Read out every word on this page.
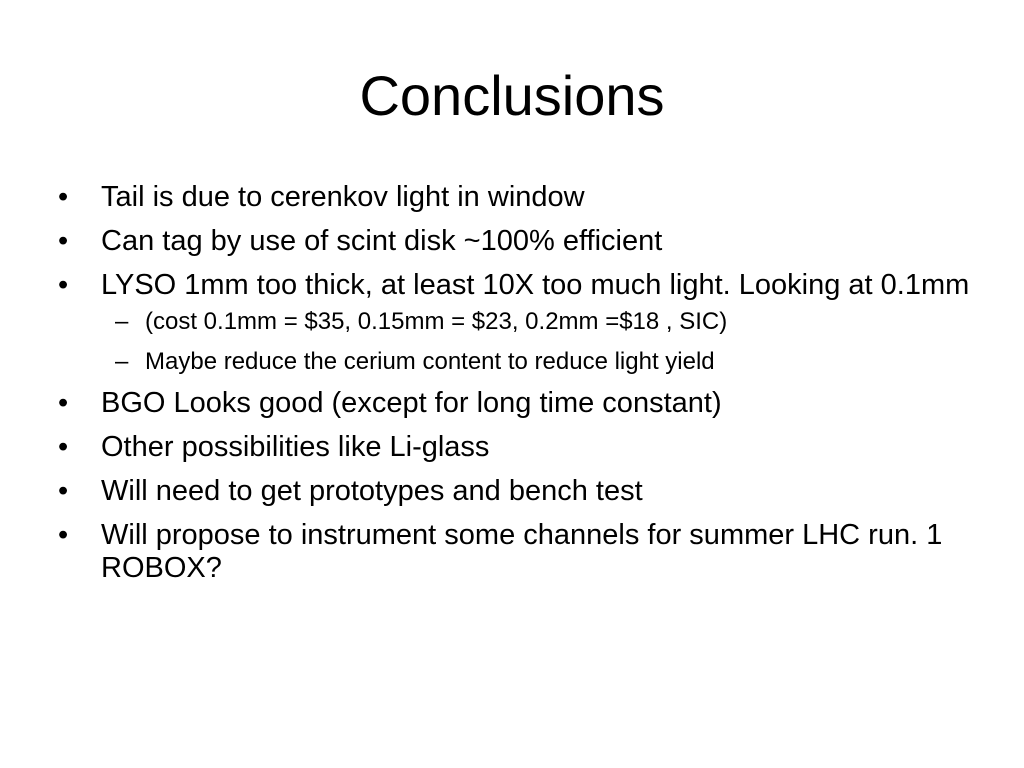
Conclusions
•	Tail is due to cerenkov light in window
•	Can tag by use of scint disk ~100% efficient
•	LYSO 1mm too thick, at least 10X too much light. Looking at 0.1mm
– (cost 0.1mm = $35, 0.15mm = $23, 0.2mm =$18 , SIC)
– Maybe reduce the cerium content to reduce light yield
•	BGO Looks good (except for long time constant)
•	Other possibilities like Li-glass
•	Will need to get prototypes and bench test
•	Will propose to instrument some channels for summer LHC run. 1 ROBOX?
